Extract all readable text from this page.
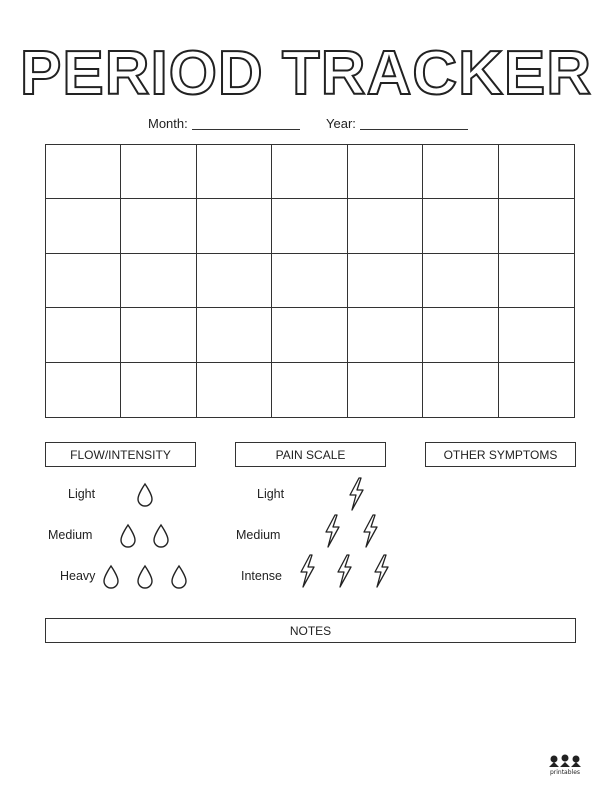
PERIOD TRACKER
Month:	Year:
FLOW/INTENSITY	PAIN SCALE	OTHER SYMPTOMS
Light
Medium
Heavy
Light
Medium
Intense
NOTES
printables
